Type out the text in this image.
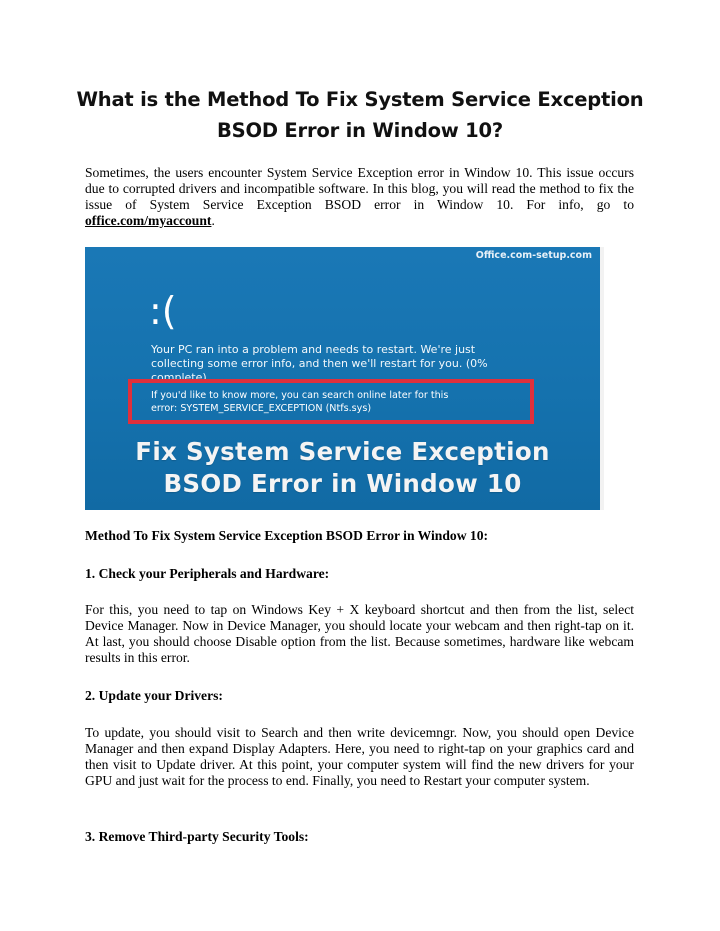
What is the Method To Fix System Service Exception
BSOD Error in Window 10?
Sometimes, the users encounter System Service Exception error in Window 10. This issue occurs due to corrupted drivers and incompatible software. In this blog, you will read the method to fix the issue of System Service Exception BSOD error in Window 10. For info, go to office.com/myaccount.
Office.com-setup.com
:(
Your PC ran into a problem and needs to restart. We're just collecting some error info, and then we'll restart for you. (0% complete)
If you'd like to know more, you can search online later for this
error: SYSTEM_SERVICE_EXCEPTION (Ntfs.sys)
Fix System Service Exception
BSOD Error in Window 10
Method To Fix System Service Exception BSOD Error in Window 10:
1. Check your Peripherals and Hardware:
For this, you need to tap on Windows Key + X keyboard shortcut and then from the list, select Device Manager. Now in Device Manager, you should locate your webcam and then right-tap on it. At last, you should choose Disable option from the list. Because sometimes, hardware like webcam results in this error.
2. Update your Drivers:
To update, you should visit to Search and then write devicemngr. Now, you should open Device Manager and then expand Display Adapters. Here, you need to right-tap on your graphics card and then visit to Update driver. At this point, your computer system will find the new drivers for your GPU and just wait for the process to end. Finally, you need to Restart your computer system.
3. Remove Third-party Security Tools:
